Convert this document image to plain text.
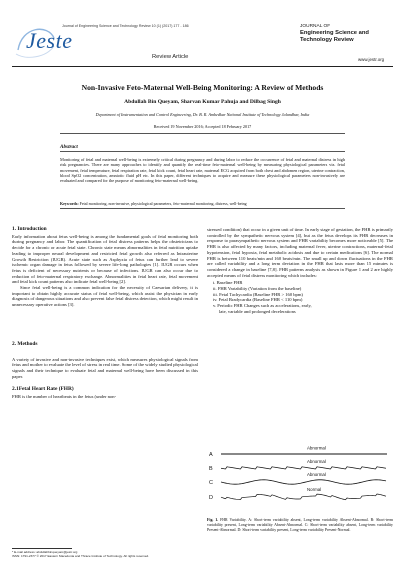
Jeste
Journal of Engineering Science and Technology Review 10 (1) (2017) 177 - 186
Review Article
JOURNAL OF
Engineering Science and
Technology Review
www.jestr.org
Non-Invasive Feto-Maternal Well-Being Monitoring: A Review of Methods
Abdullah Bin Queyam, Sharvan Kumar Pahuja and Dilbag Singh
Department of Instrumentation and Control Engineering, Dr. B. R. Ambedkar National Institute of Technology Jalandhar, India
Received 19 November 2016; Accepted 18 February 2017
Abstract
Monitoring of fetal and maternal well-being is extremely critical during pregnancy and during labor to reduce the occurrence of fetal and maternal distress in high risk pregnancies. There are many approaches to identify and quantify the real-time feto-maternal well-being by measuring physiological parameters viz. fetal movement, fetal temperature, fetal respiration rate, fetal kick count, fetal heart rate, maternal ECG acquired from both chest and abdomen region, uterine contraction, blood SpO2 concentration, amniotic fluid pH etc. In this paper, different techniques to acquire and measure these physiological parameters non-invasively are evaluated and compared for the purpose of monitoring feto-maternal well-being.
Keywords: Fetal monitoring, non-invasive, physiological parameters, feto-maternal monitoring, distress, well-being
1. Introduction

Early information about fetus well-being is among the fundamental goals of fetal monitoring both during pregnancy and labor. The quantification of fetal distress patterns helps the obstetricians to decide for a chronic or acute fetal state. Chronic state means abnormalities in fetal nutrition uptake leading to improper neural development and restricted fetal growth also referred as Intrauterine Growth Restriction (IUGR). Acute state such as Asphyxia of fetus can further lead to severe ischemic organ damage in fetus followed by severe life-long pathologies [1]. IUGR occurs when fetus is deficient of necessary nutrients or because of infections. IUGR can also occur due to reduction of feto-maternal respiratory exchange. Abnormalities in fetal heart rate, fetal movement and fetal kick count patterns also indicate fetal well-being [2].

Since fetal well-being is a common indication for the necessity of Caesarian delivery, it is important to obtain highly accurate status of fetal well-being, which assist the physician in early diagnosis of dangerous situations and also prevent false fetal distress detection, which might result in unnecessary operative actions [3].

2. Methods

A variety of invasive and non-invasive techniques exist, which measures physiological signals from fetus and mother to evaluate the level of stress in real time. Some of the widely studied physiological signals and their technique to evaluate fetal and maternal well-being have been discussed in this paper.

2.1Fetal Heart Rate (FHR)

FHR is the number of heartbeats in the fetus (under non-

stressed condition) that occur in a given unit of time. In early stage of gestation, the FHR is primarily controlled by the sympathetic nervous system [4], but as the fetus develops its FHR decreases in response to parasympathetic nervous system and FHR variability becomes more noticeable [5]. The FHR is also affected by many factors, including maternal fever, uterine contractions, maternal-fetal hypotension, fetal hypoxia, fetal metabolic acidosis and due to certain medications [6]. The normal FHR is between 110 beats/min and 160 beats/min. The small up and down fluctuations in the FHR are called variability and a long term deviation in the FHR that lasts more than 15 minutes is considered a change in baseline [7,8]. FHR patterns analysis as shown in Figure 1 and 2 are highly accepted means of fetal distress monitoring which includes:

i. Baseline FHR
ii. FHR Variability (Variation from the baseline)
iii. Fetal Tachycardia (Baseline FHR > 160 bpm)
iv. Fetal Bradycardia (Baseline FHR < 110 bpm)
v. Periodic FHR Changes such as accelerations, early,
late, variable and prolonged decelerations
A
Abnormal
B
Abnormal
C
Abnormal
D
Normal
Fig. 1. FHR Variability. A: Short-term variability absent, Long-term variability Absent-Abnormal. B: Short-term variability present, Long-term variability Absent-Abnormal. C: Short-term variability absent, Long-term variability Present-Abnormal. D: Short-term variability present, Long-term variability Present-Normal.
* E-mail address: abdullahbinqueyam@jestr.org
ISSN: 1791-2377 © 2017 Eastern Macedonia and Thrace Institute of Technology. All rights reserved.
